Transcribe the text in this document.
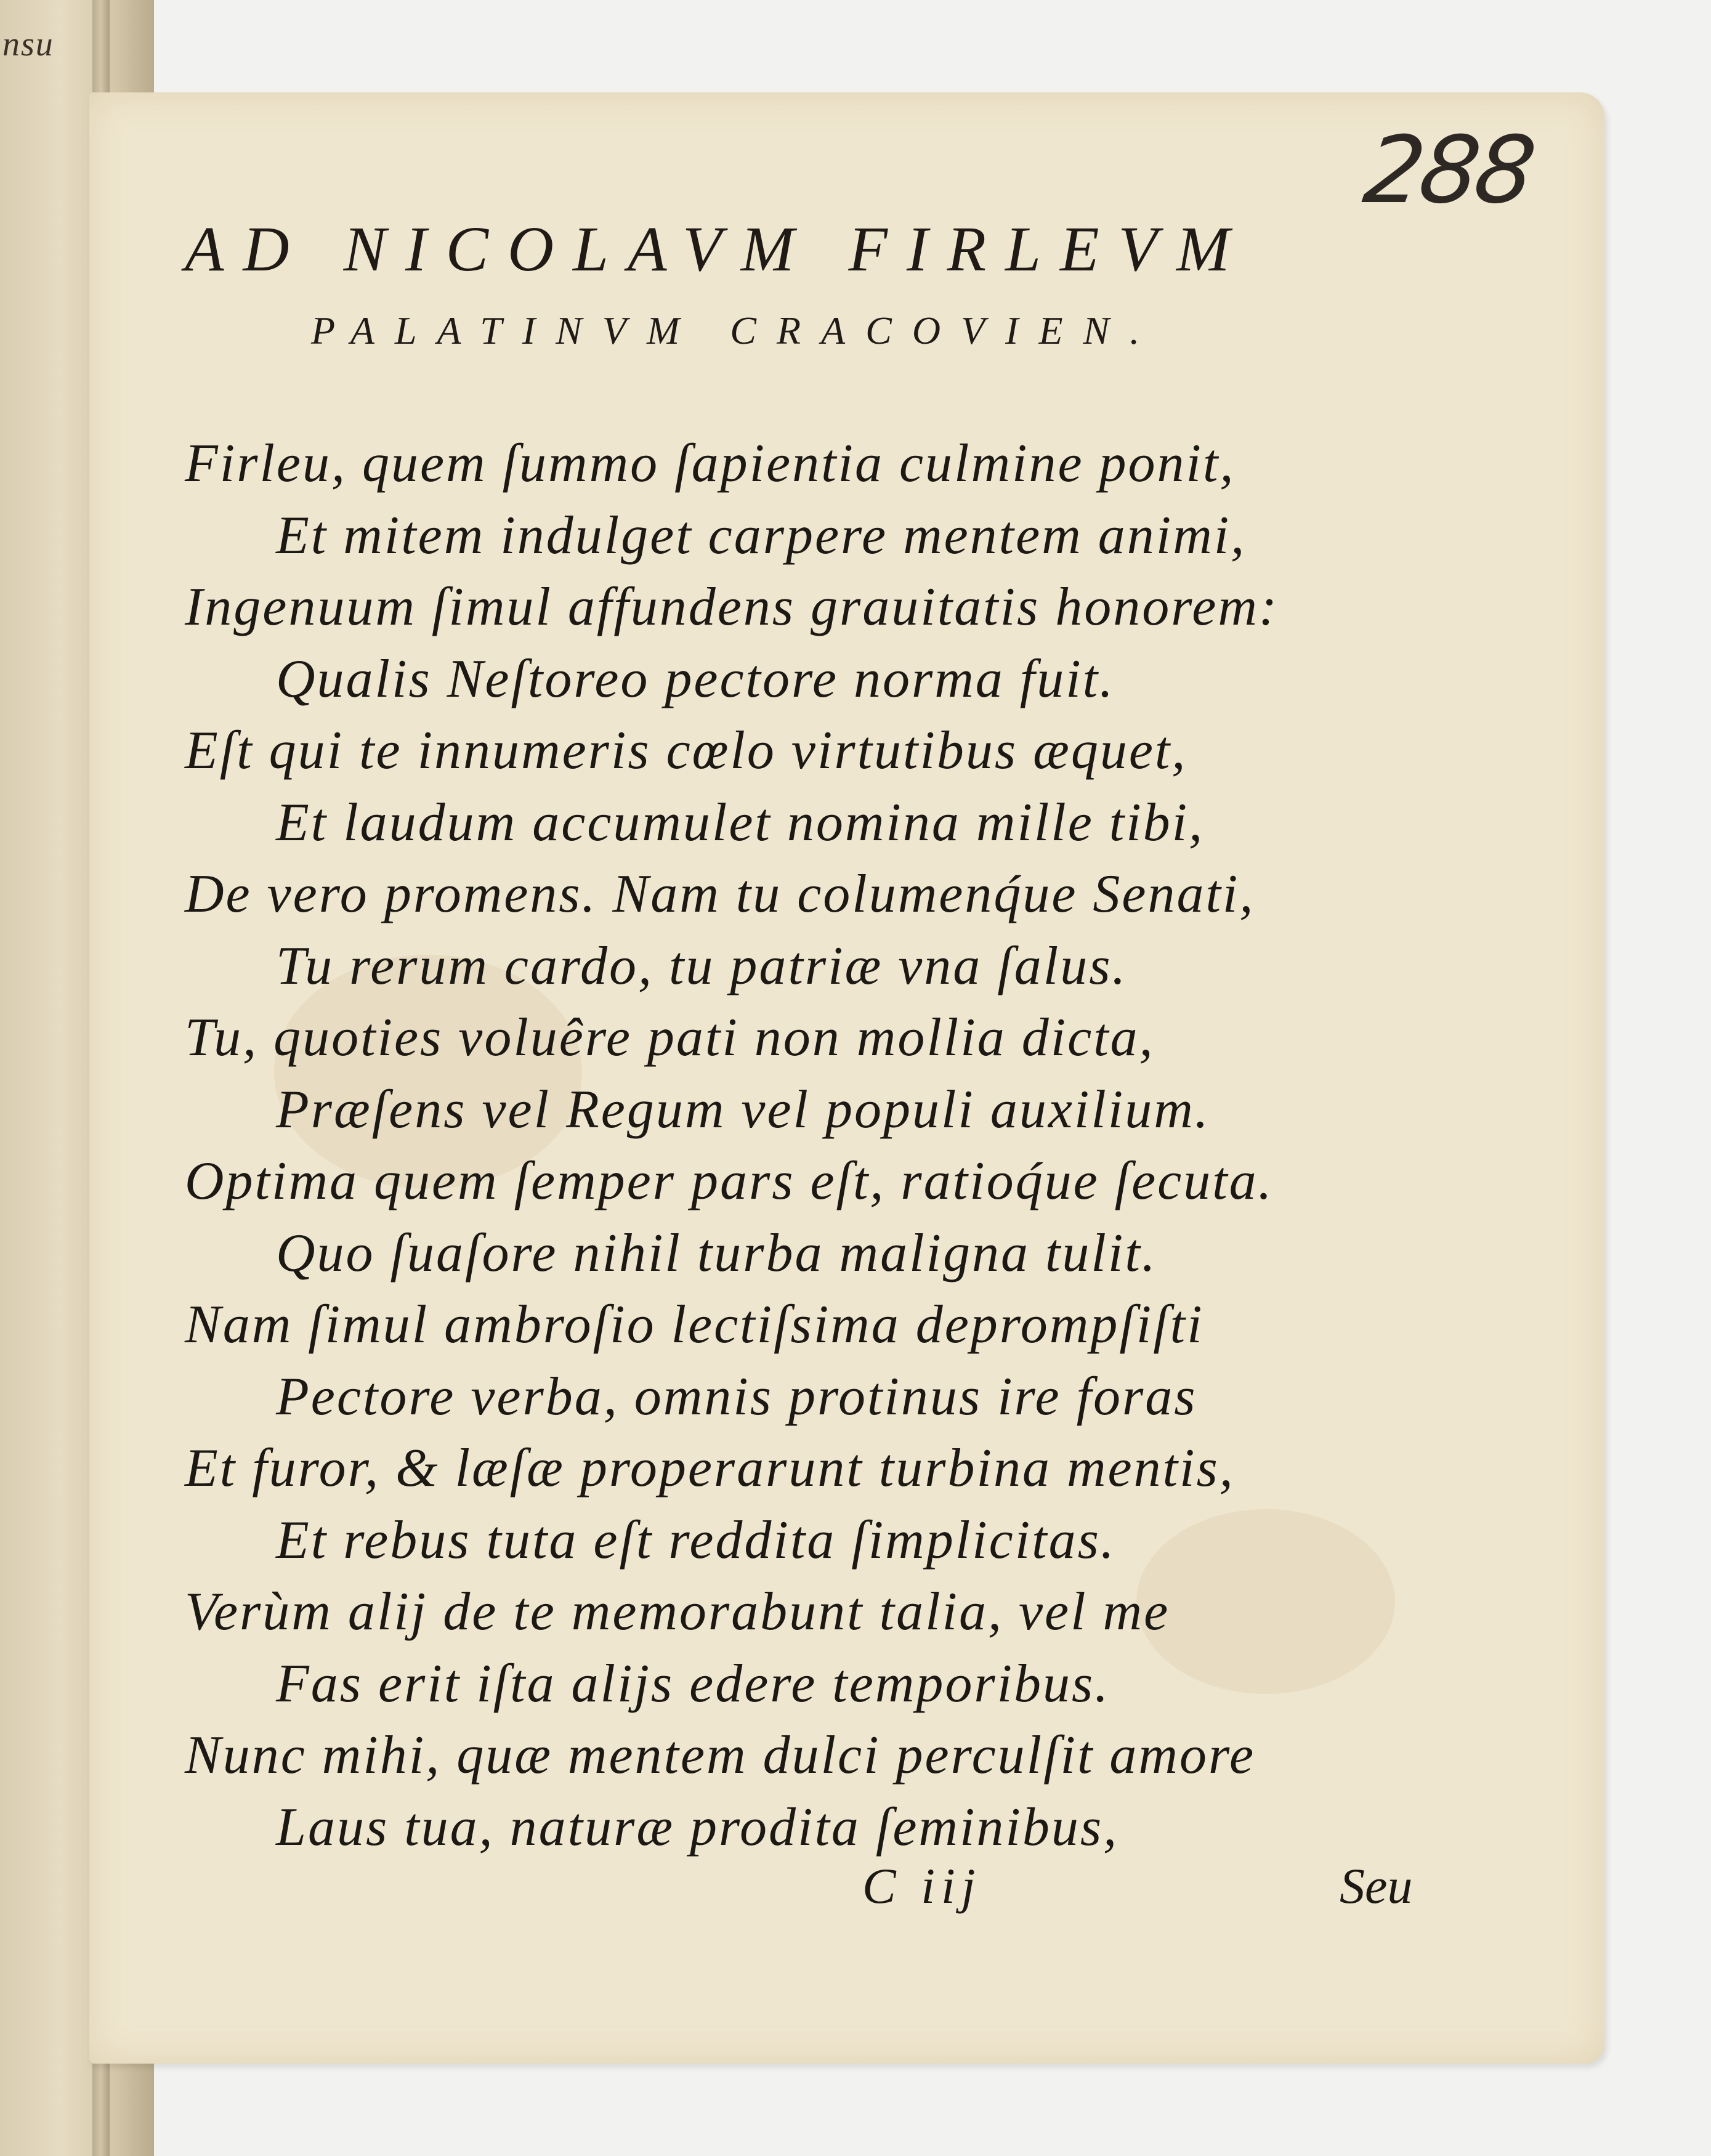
nsu
288
AD NICOLAVM FIRLEVM
PALATINVM CRACOVIEN.
Firleu, quem ſummo ſapientia culmine ponit,
Et mitem indulget carpere mentem animi,
Ingenuum ſimul affundens grauitatis honorem:
Qualis Neſtoreo pectore norma fuit.
Eſt qui te innumeris cœlo virtutibus æquet,
Et laudum accumulet nomina mille tibi,
De vero promens. Nam tu columenq́ue Senati,
Tu rerum cardo, tu patriæ vna ſalus.
Tu, quoties voluêre pati non mollia dicta,
Præſens vel Regum vel populi auxilium.
Optima quem ſemper pars eſt, ratioq́ue ſecuta.
Quo ſuaſore nihil turba maligna tulit.
Nam ſimul ambroſio lectiſsima deprompſiſti
Pectore verba, omnis protinus ire foras
Et furor, & læſæ properarunt turbina mentis,
Et rebus tuta eſt reddita ſimplicitas.
Verùm alij de te memorabunt talia, vel me
Fas erit iſta alijs edere temporibus.
Nunc mihi, quæ mentem dulci perculſit amore
Laus tua, naturæ prodita ſeminibus,
C iij	Seu
